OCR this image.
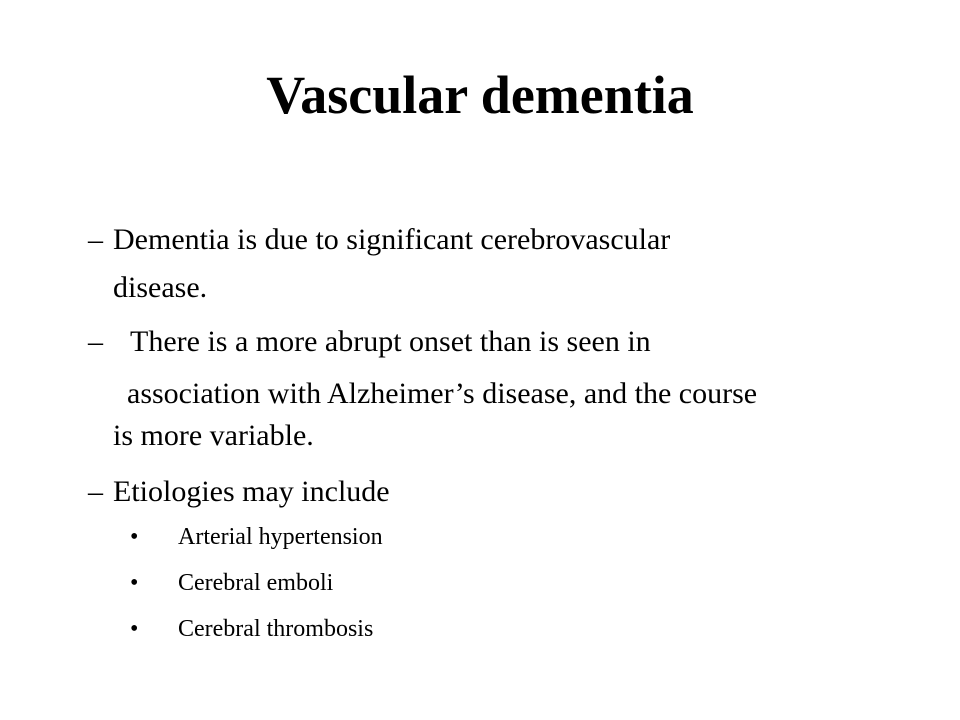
Vascular dementia
– Dementia is due to significant cerebrovascular
disease.
– There is a more abrupt onset than is seen in
association with Alzheimer’s disease, and the course
is more variable.
– Etiologies may include
• Arterial hypertension
• Cerebral emboli
• Cerebral thrombosis
